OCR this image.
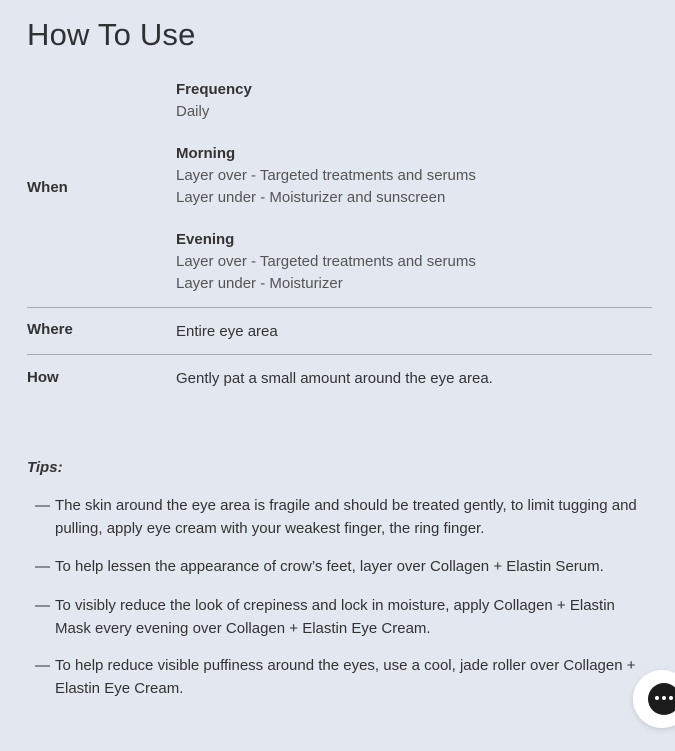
How To Use
When
Frequency
Daily
Morning
Layer over - Targeted treatments and serums
Layer under - Moisturizer and sunscreen
Evening
Layer over - Targeted treatments and serums
Layer under - Moisturizer
Where	Entire eye area
How	Gently pat a small amount around the eye area.
Tips:
— The skin around the eye area is fragile and should be treated gently, to limit tugging and pulling, apply eye cream with your weakest finger, the ring finger.
— To help lessen the appearance of crow’s feet, layer over Collagen + Elastin Serum.
— To visibly reduce the look of crepiness and lock in moisture, apply Collagen + Elastin Mask every evening over Collagen + Elastin Eye Cream.
— To help reduce visible puffiness around the eyes, use a cool, jade roller over Collagen + Elastin Eye Cream.
